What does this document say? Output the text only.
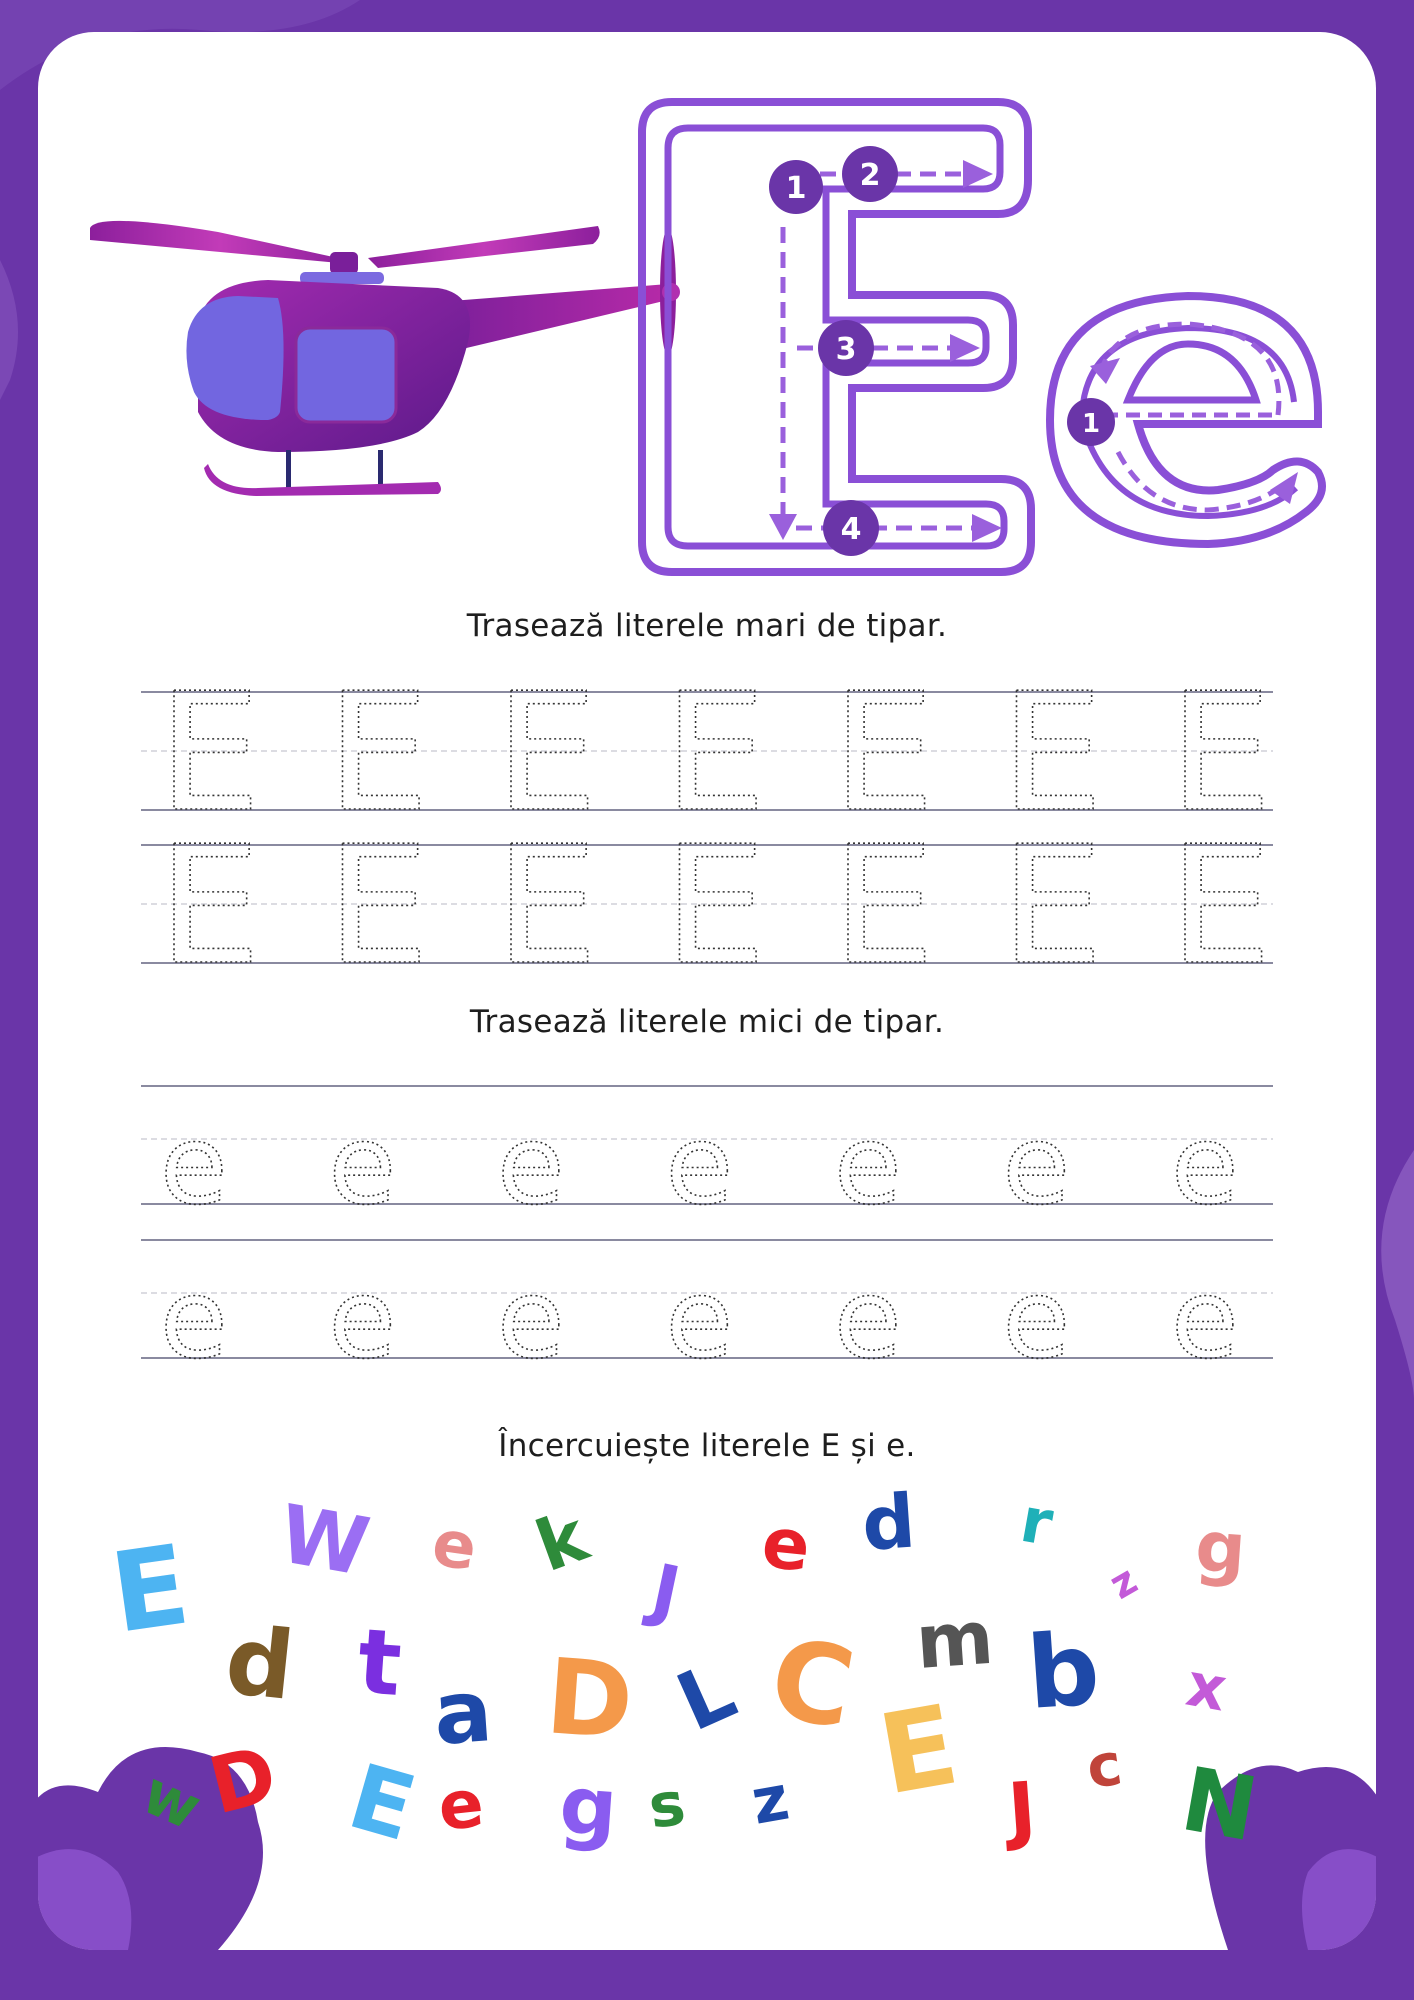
1 2
3
4
1
Trasează literele mari de tipar.
Trasează literele mici de tipar.
Încercuiește literele E și e.
E E E E E E E
E E E E E E E
e e e e e e e
e e e e e e e
E W e k
J
e d r
z g
d t a D L C m b x
w
D E e g s z E J
c N
